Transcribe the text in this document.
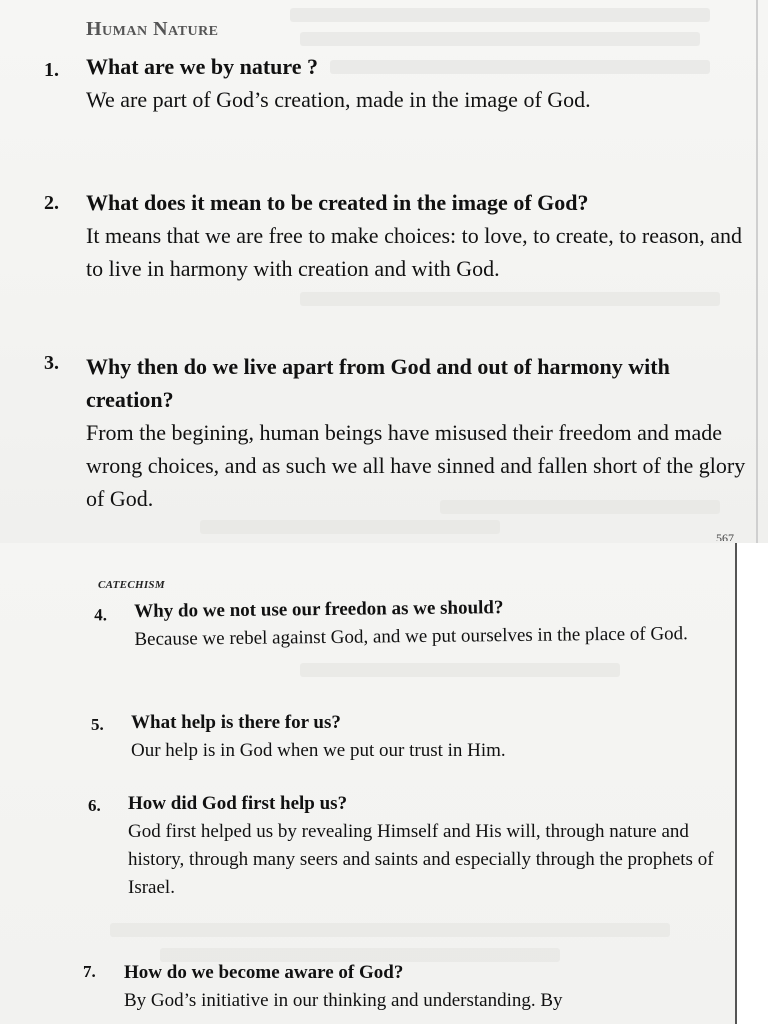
Human Nature
1. What are we by nature ?
We are part of God’s creation, made in the image of God.
2. What does it mean to be created in the image of God?
It means that we are free to make choices: to love, to create, to reason, and to live in harmony with creation and with God.
3. Why then do we live apart from God and out of harmony with creation?
From the begining, human beings have misused their freedom and made wrong choices, and as such we all have sinned and fallen short of the glory of God.
567
CATECHISM
4. Why do we not use our freedon as we should?
Because we rebel against God, and we put ourselves in the place of God.
5. What help is there for us?
Our help is in God when we put our trust in Him.
6. How did God first help us?
God first helped us by revealing Himself and His will, through nature and history, through many seers and saints and especially through the prophets of Israel.
7. How do we become aware of God?
By God’s initiative in our thinking and understanding. By
